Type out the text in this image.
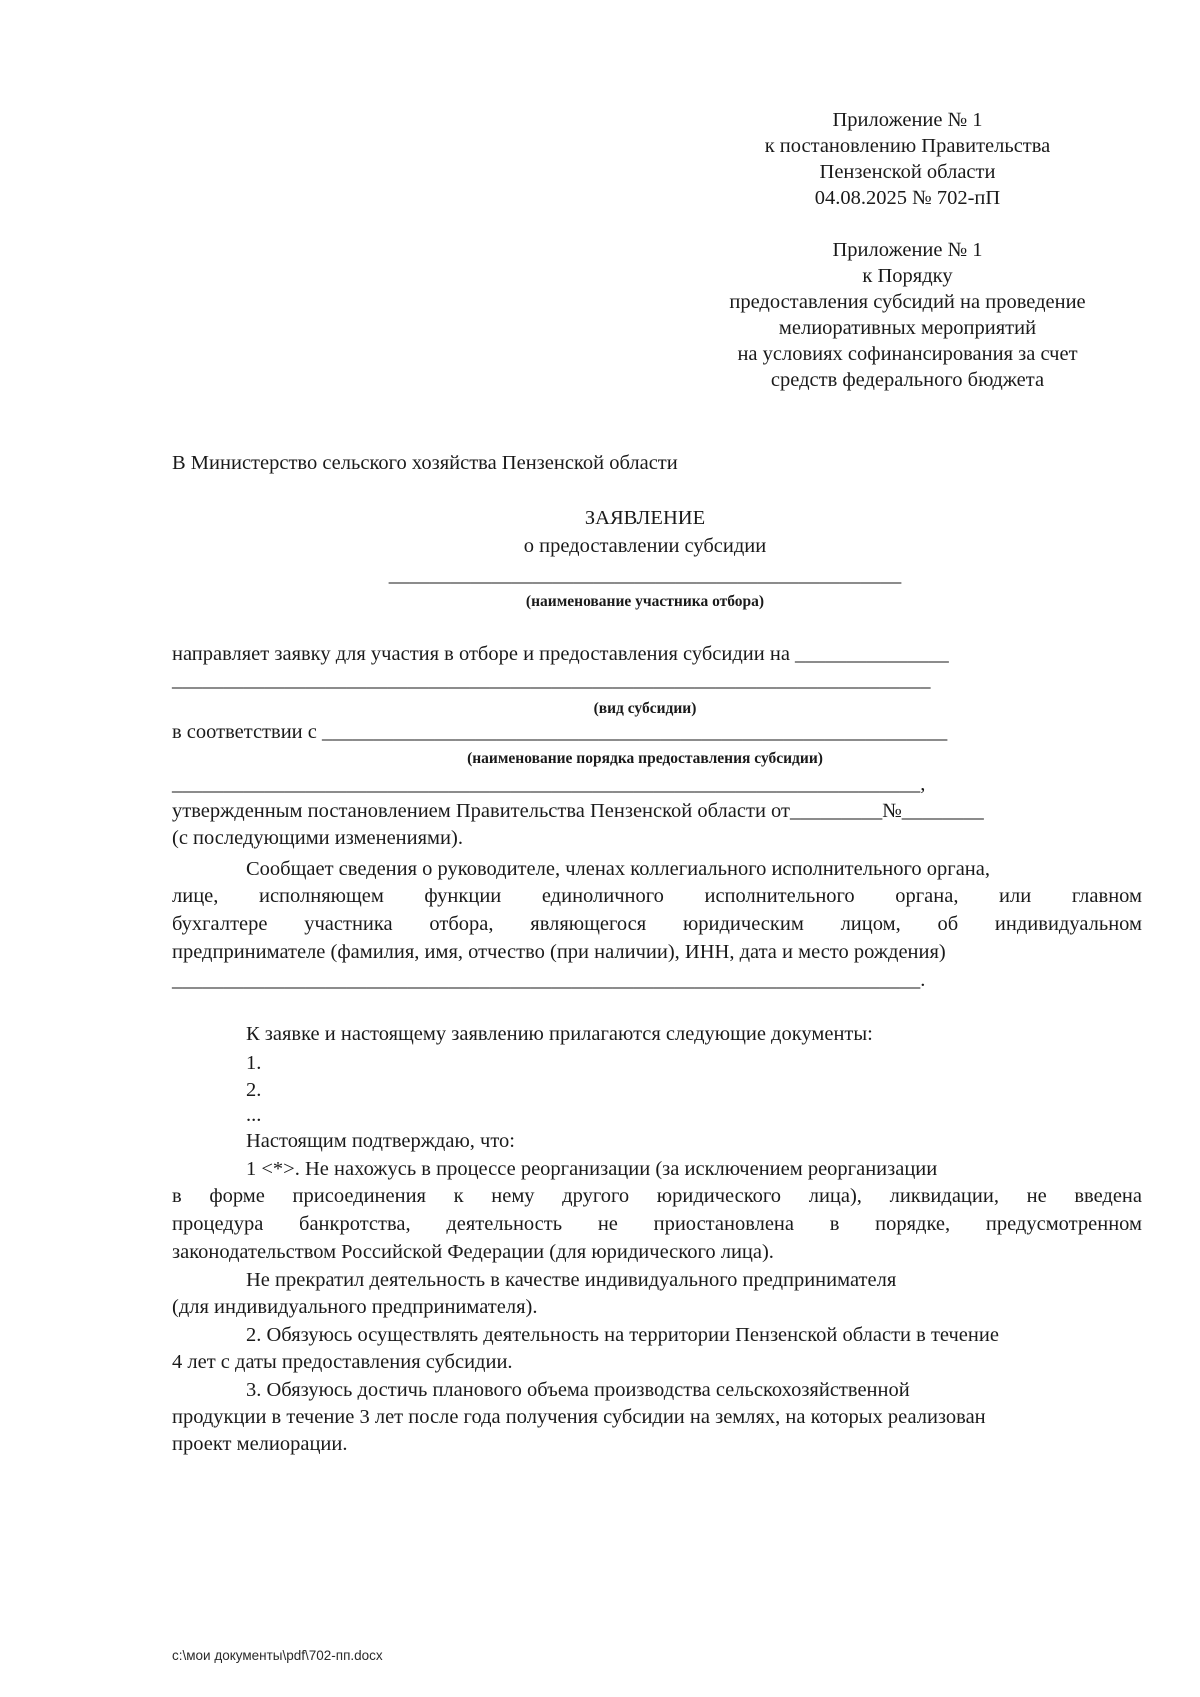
Приложение № 1
к постановлению Правительства
Пензенской области
04.08.2025 № 702-пП
Приложение № 1
к Порядку
предоставления субсидий на проведение
мелиоративных мероприятий
на условиях софинансирования за счет
средств федерального бюджета
В Министерство сельского хозяйства Пензенской области
ЗАЯВЛЕНИЕ
о предоставлении субсидии
__________________________________________________
(наименование участника отбора)
направляет заявку для участия в отборе и предоставления субсидии на _______________
__________________________________________________________________________
(вид субсидии)
в соответствии с _____________________________________________________________
(наименование порядка предоставления субсидии)
_________________________________________________________________________,
утвержденным постановлением Правительства Пензенской области от_________№________
(с последующими изменениями).
Сообщает сведения о руководителе, членах коллегиального исполнительного органа,
лице, исполняющем функции единоличного исполнительного органа, или главном
бухгалтере участника отбора, являющегося юридическим лицом, об индивидуальном
предпринимателе (фамилия, имя, отчество (при наличии), ИНН, дата и место рождения)
_________________________________________________________________________.
К заявке и настоящему заявлению прилагаются следующие документы:
1.
2.
...
Настоящим подтверждаю, что:
1 <*>. Не нахожусь в процессе реорганизации (за исключением реорганизации
в форме присоединения к нему другого юридического лица), ликвидации, не введена
процедура банкротства, деятельность не приостановлена в порядке, предусмотренном
законодательством Российской Федерации (для юридического лица).
Не прекратил деятельность в качестве индивидуального предпринимателя
(для индивидуального предпринимателя).
2. Обязуюсь осуществлять деятельность на территории Пензенской области в течение
4 лет с даты предоставления субсидии.
3. Обязуюсь достичь планового объема производства сельскохозяйственной
продукции в течение 3 лет после года получения субсидии на землях, на которых реализован
проект мелиорации.
c:\мои документы\pdf\702-пп.docx
